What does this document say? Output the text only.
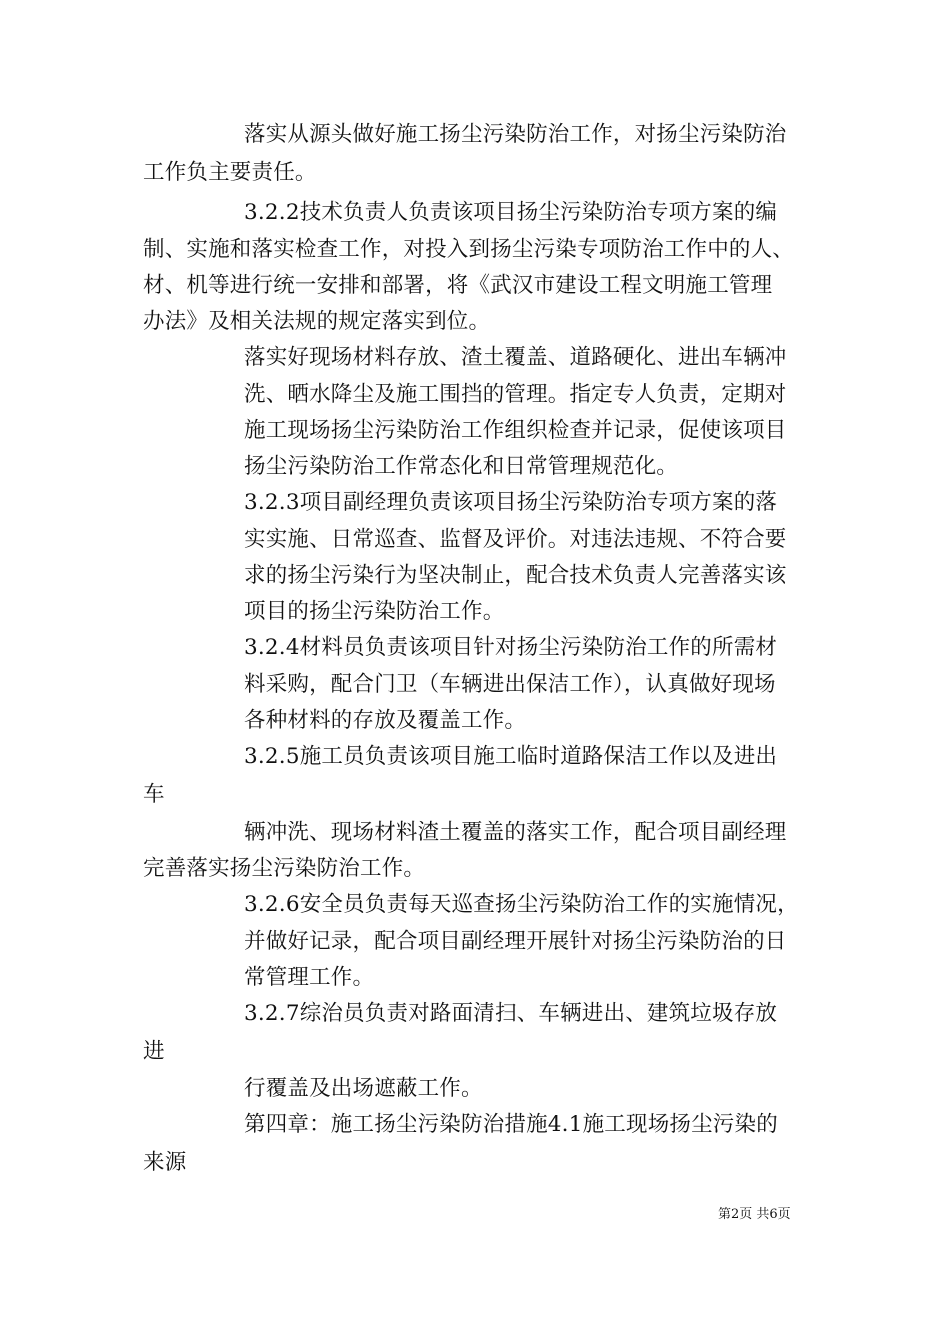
落实从源头做好施工扬尘污染防治工作，对扬尘污染防治

工作负主要责任。

3.2.2技术负责人负责该项目扬尘污染防治专项方案的编

制、实施和落实检查工作，对投入到扬尘污染专项防治工作中的人、

材、机等进行统一安排和部署，将《武汉市建设工程文明施工管理

办法》及相关法规的规定落实到位。

落实好现场材料存放、渣土覆盖、道路硬化、进出车辆冲

洗、晒水降尘及施工围挡的管理。指定专人负责，定期对

施工现场扬尘污染防治工作组织检查并记录，促使该项目

扬尘污染防治工作常态化和日常管理规范化。

3.2.3项目副经理负责该项目扬尘污染防治专项方案的落

实实施、日常巡查、监督及评价。对违法违规、不符合要

求的扬尘污染行为坚决制止，配合技术负责人完善落实该

项目的扬尘污染防治工作。

3.2.4材料员负责该项目针对扬尘污染防治工作的所需材

料采购，配合门卫（车辆进出保洁工作），认真做好现场

各种材料的存放及覆盖工作。

3.2.5施工员负责该项目施工临时道路保洁工作以及进出

车

辆冲洗、现场材料渣土覆盖的落实工作，配合项目副经理

完善落实扬尘污染防治工作。

3.2.6安全员负责每天巡查扬尘污染防治工作的实施情况，

并做好记录，配合项目副经理开展针对扬尘污染防治的日

常管理工作。

3.2.7综治员负责对路面清扫、车辆进出、建筑垃圾存放

进

行覆盖及出场遮蔽工作。

第四章：施工扬尘污染防治措施4.1施工现场扬尘污染的

来源

第2页 共6页
